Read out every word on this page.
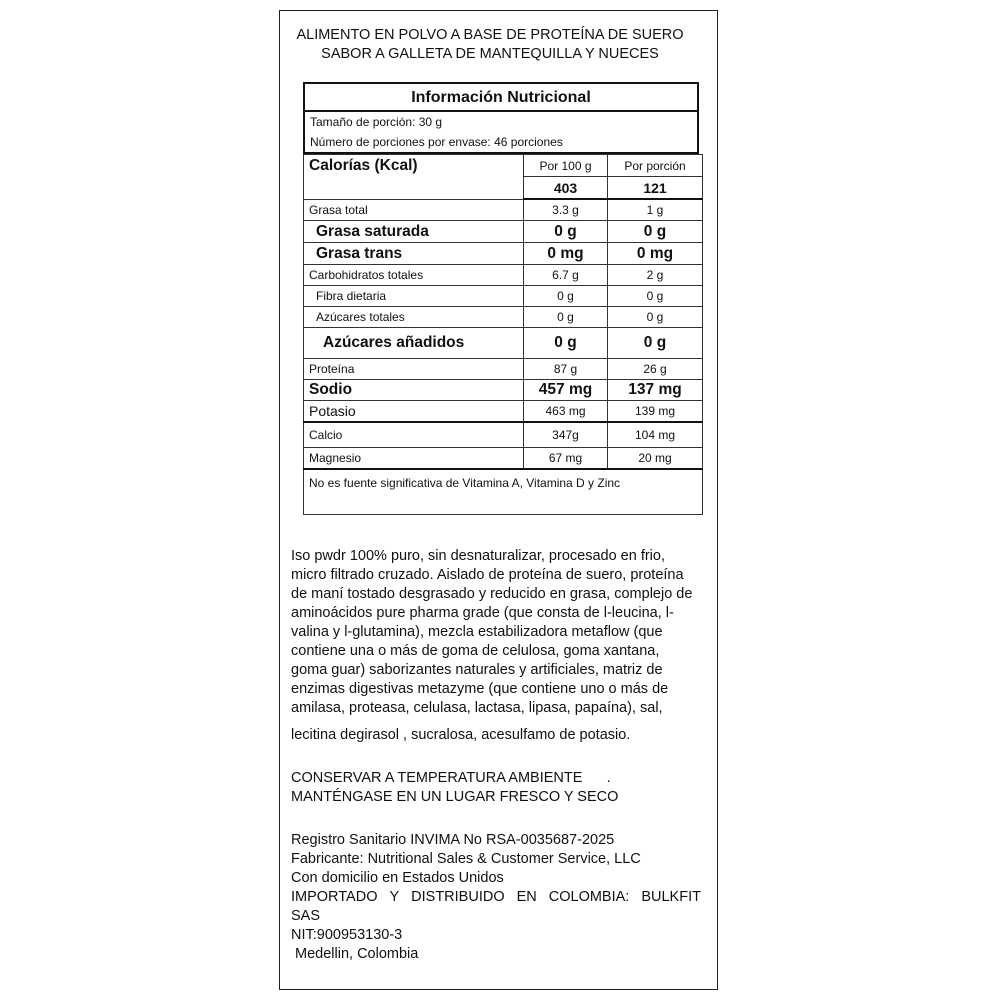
ALIMENTO EN POLVO A BASE DE PROTEÍNA DE SUERO
SABOR A GALLETA DE MANTEQUILLA Y NUECES
Información Nutricional
Tamaño de porción: 30 g
Número de porciones por envase: 46 porciones
Calorías (Kcal)	Por 100 g	Por porción
	403	121
Grasa total	3.3 g	1 g
Grasa saturada	0 g	0 g
Grasa trans	0 mg	0 mg
Carbohidratos totales	6.7 g	2 g
Fibra dietaria	0 g	0 g
Azúcares totales	0 g	0 g
Azúcares añadidos	0 g	0 g
Proteína	87 g	26 g
Sodio	457 mg	137 mg
Potasio	463 mg	139 mg
Calcio	347g	104 mg
Magnesio	67 mg	20 mg
No es fuente significativa de Vitamina A, Vitamina D y Zinc		
Iso pwdr 100% puro, sin desnaturalizar, procesado en frio,
micro filtrado cruzado. Aislado de proteína de suero, proteína
de maní tostado desgrasado y reducido en grasa, complejo de
aminoácidos pure pharma grade (que consta de l-leucina, l-
valina y l-glutamina), mezcla estabilizadora metaflow (que
contiene una o más de goma de celulosa, goma xantana,
goma guar) saborizantes naturales y artificiales, matriz de
enzimas digestivas metazyme (que contiene uno o más de
amilasa, proteasa, celulasa, lactasa, lipasa, papaína), sal,
lecitina degirasol , sucralosa, acesulfamo de potasio.
CONSERVAR A TEMPERATURA AMBIENTE      .
MANTÉNGASE EN UN LUGAR FRESCO Y SECO
Registro Sanitario INVIMA No RSA-0035687-2025
Fabricante: Nutritional Sales & Customer Service, LLC
Con domicilio en Estados Unidos
IMPORTADO Y DISTRIBUIDO EN COLOMBIA: BULKFIT
SAS
NIT:900953130-3
Medellin, Colombia
